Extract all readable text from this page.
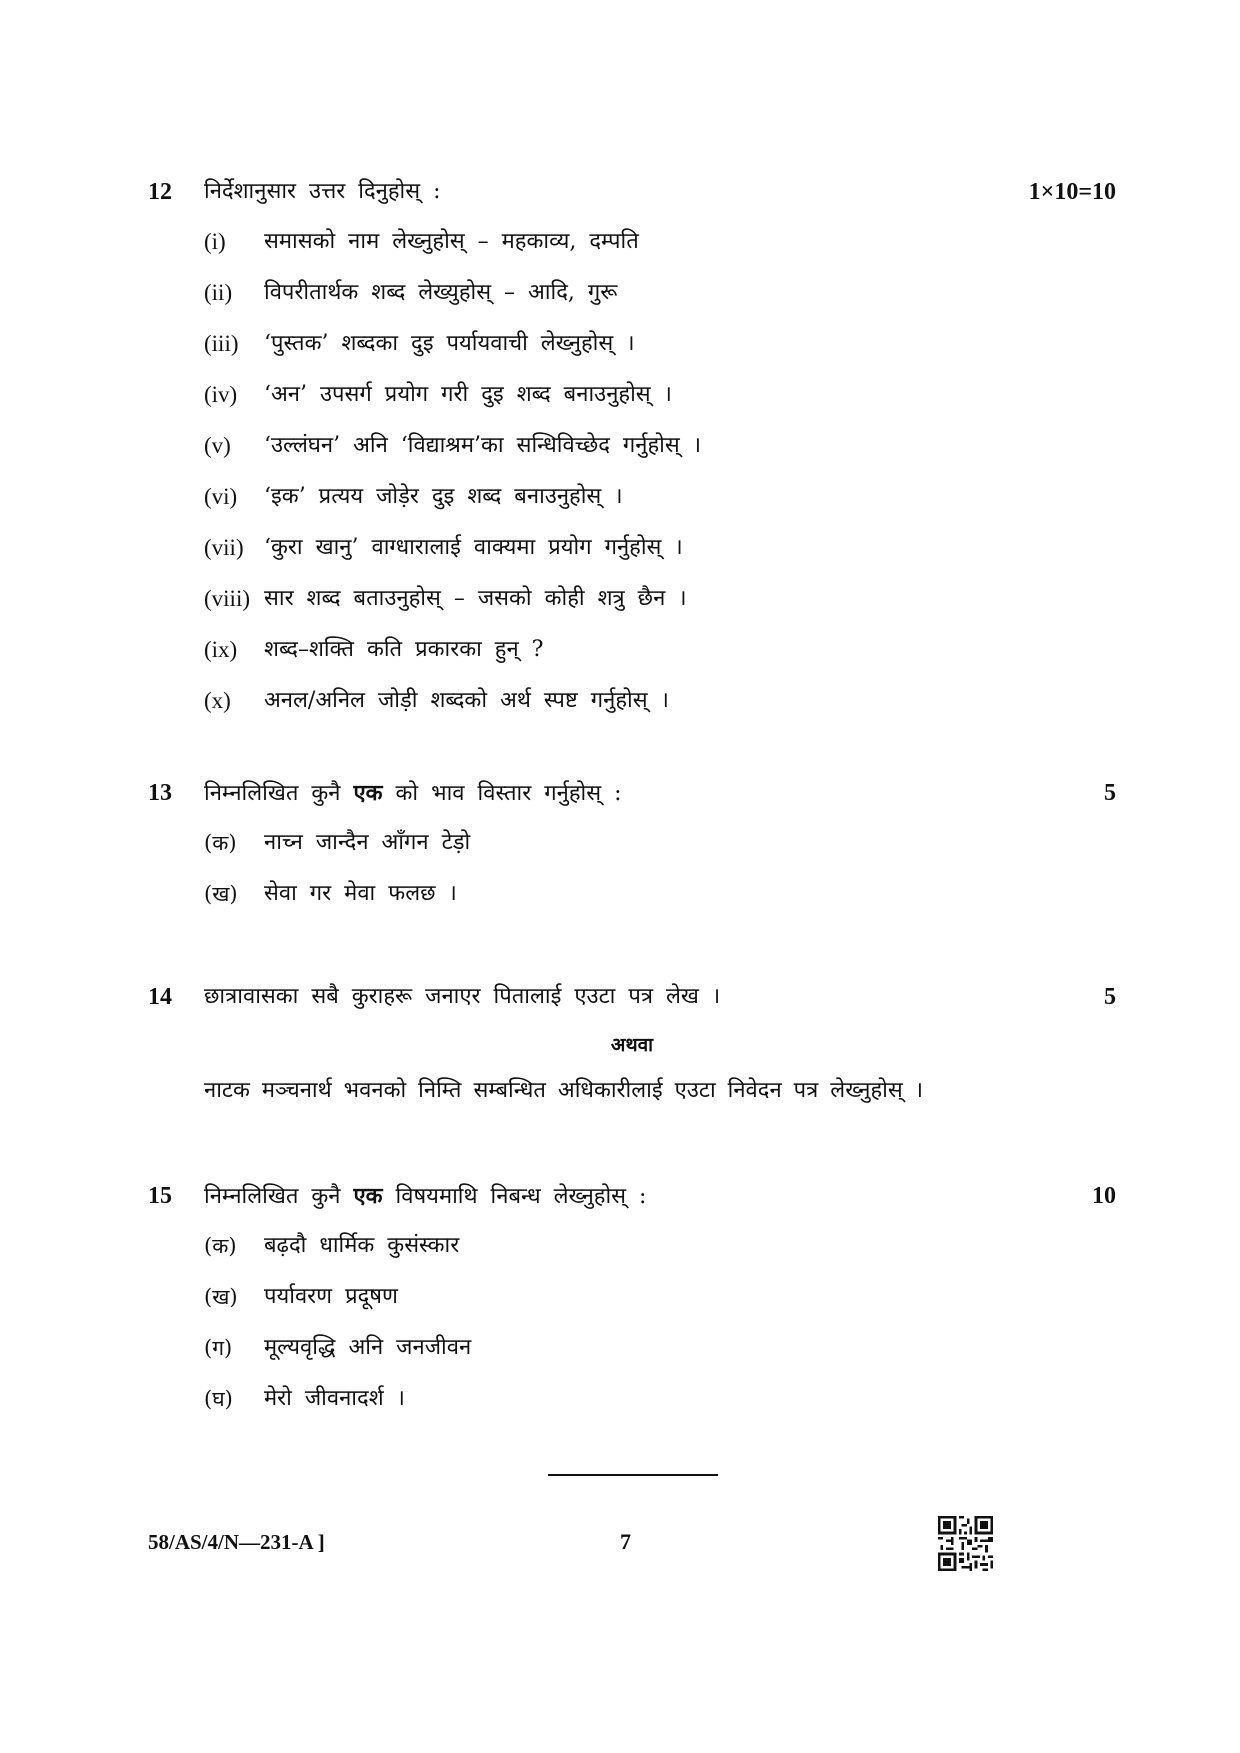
12	निर्देशानुसार उत्तर दिनुहोस् :	1×10=10
(i) समासको नाम लेख्नुहोस् – महकाव्य, दम्पति
(ii) विपरीतार्थक शब्द लेख्युहोस् – आदि, गुरू
(iii) ‘पुस्तक’ शब्दका दुइ पर्यायवाची लेख्नुहोस् ।
(iv) ‘अन’ उपसर्ग प्रयोग गरी दुइ शब्द बनाउनुहोस् ।
(v) ‘उल्लंघन’ अनि ‘विद्याश्रम’का सन्धिविच्छेद गर्नुहोस् ।
(vi) ‘इक’ प्रत्यय जोड़ेर दुइ शब्द बनाउनुहोस् ।
(vii) ‘कुरा खानु’ वाग्धारालाई वाक्यमा प्रयोग गर्नुहोस् ।
(viii) सार शब्द बताउनुहोस् – जसको कोही शत्रु छैन ।
(ix) शब्द–शक्ति कति प्रकारका हुन् ?
(x) अनल/अनिल जोड़ी शब्दको अर्थ स्पष्ट गर्नुहोस् ।
13	निम्नलिखित कुनै एक को भाव विस्तार गर्नुहोस् :	5
(क) नाच्न जान्दैन आँगन टेड़ो
(ख) सेवा गर मेवा फलछ ।
14	छात्रावासका सबै कुराहरू जनाएर पितालाई एउटा पत्र लेख ।	5
अथवा
नाटक मञ्चनार्थ भवनको निम्ति सम्बन्धित अधिकारीलाई एउटा निवेदन पत्र लेख्नुहोस् ।
15	निम्नलिखित कुनै एक विषयमाथि निबन्ध लेख्नुहोस् :	10
(क) बढ़दौ धार्मिक कुसंस्कार
(ख) पर्यावरण प्रदूषण
(ग) मूल्यवृद्धि अनि जनजीवन
(घ) मेरो जीवनादर्श ।
58/AS/4/N—231-A ]	7
